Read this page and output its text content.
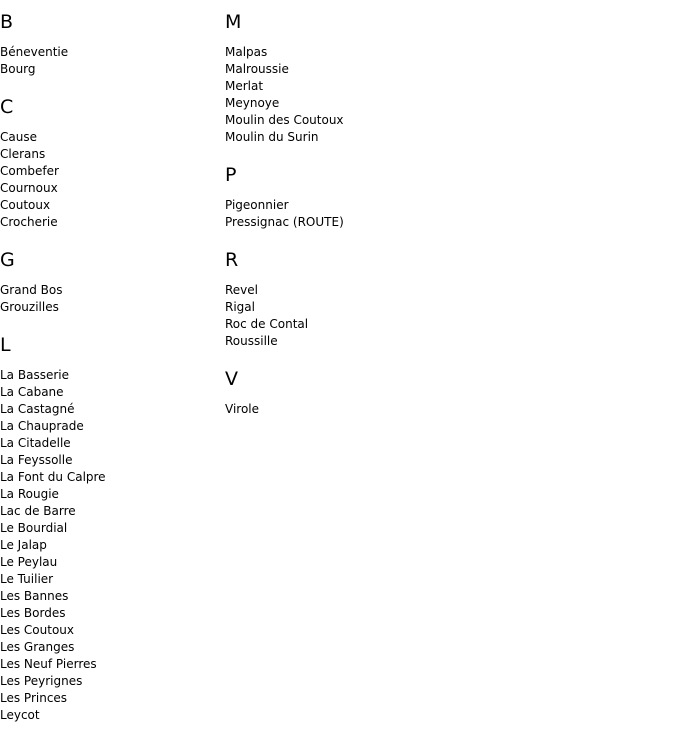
B
Béneventie
Bourg
C
Cause
Clerans
Combefer
Cournoux
Coutoux
Crocherie
G
Grand Bos
Grouzilles
L
La Basserie
La Cabane
La Castagné
La Chauprade
La Citadelle
La Feyssolle
La Font du Calpre
La Rougie
Lac de Barre
Le Bourdial
Le Jalap
Le Peylau
Le Tuilier
Les Bannes
Les Bordes
Les Coutoux
Les Granges
Les Neuf Pierres
Les Peyrignes
Les Princes
Leycot
M
Malpas
Malroussie
Merlat
Meynoye
Moulin des Coutoux
Moulin du Surin
P
Pigeonnier
Pressignac (ROUTE)
R
Revel
Rigal
Roc de Contal
Roussille
V
Virole
